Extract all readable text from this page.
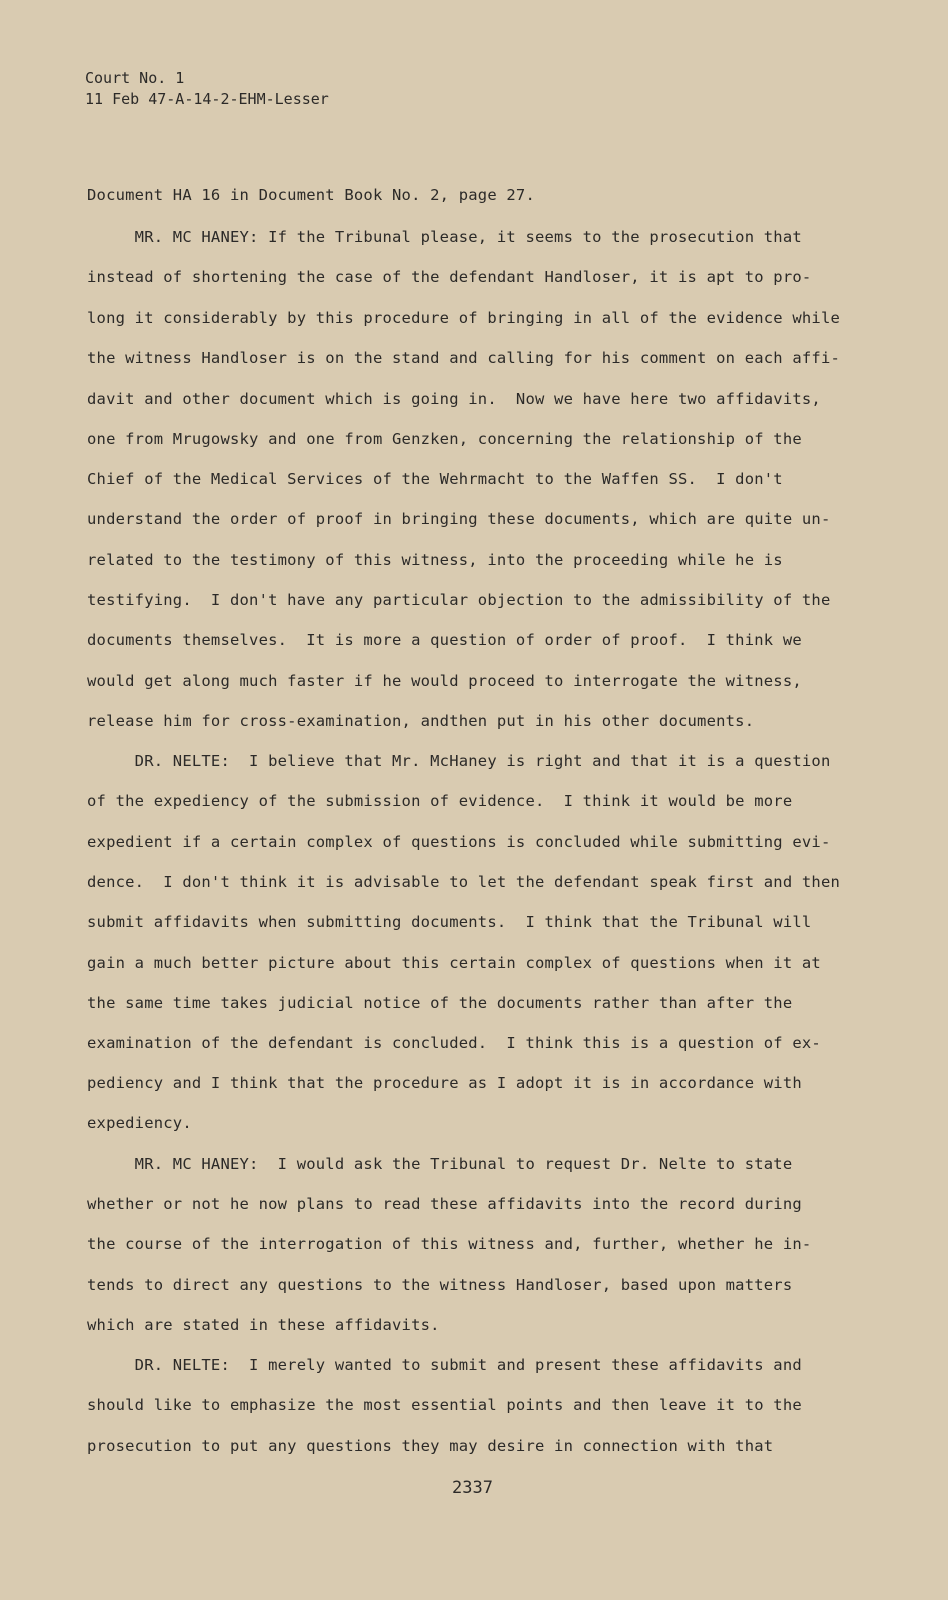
Court No. 1
11 Feb 47-A-14-2-EHM-Lesser
Document HA 16 in Document Book No. 2, page 27.
MR. MC HANEY: If the Tribunal please, it seems to the prosecution that
instead of shortening the case of the defendant Handloser, it is apt to pro-
long it considerably by this procedure of bringing in all of the evidence while
the witness Handloser is on the stand and calling for his comment on each affi-
davit and other document which is going in.  Now we have here two affidavits,
one from Mrugowsky and one from Genzken, concerning the relationship of the
Chief of the Medical Services of the Wehrmacht to the Waffen SS.  I don't
understand the order of proof in bringing these documents, which are quite un-
related to the testimony of this witness, into the proceeding while he is
testifying.  I don't have any particular objection to the admissibility of the
documents themselves.  It is more a question of order of proof.  I think we
would get along much faster if he would proceed to interrogate the witness,
release him for cross-examination, andthen put in his other documents.
DR. NELTE:  I believe that Mr. McHaney is right and that it is a question
of the expediency of the submission of evidence.  I think it would be more
expedient if a certain complex of questions is concluded while submitting evi-
dence.  I don't think it is advisable to let the defendant speak first and then
submit affidavits when submitting documents.  I think that the Tribunal will
gain a much better picture about this certain complex of questions when it at
the same time takes judicial notice of the documents rather than after the
examination of the defendant is concluded.  I think this is a question of ex-
pediency and I think that the procedure as I adopt it is in accordance with
expediency.
MR. MC HANEY:  I would ask the Tribunal to request Dr. Nelte to state
whether or not he now plans to read these affidavits into the record during
the course of the interrogation of this witness and, further, whether he in-
tends to direct any questions to the witness Handloser, based upon matters
which are stated in these affidavits.
DR. NELTE:  I merely wanted to submit and present these affidavits and
should like to emphasize the most essential points and then leave it to the
prosecution to put any questions they may desire in connection with that
2337
